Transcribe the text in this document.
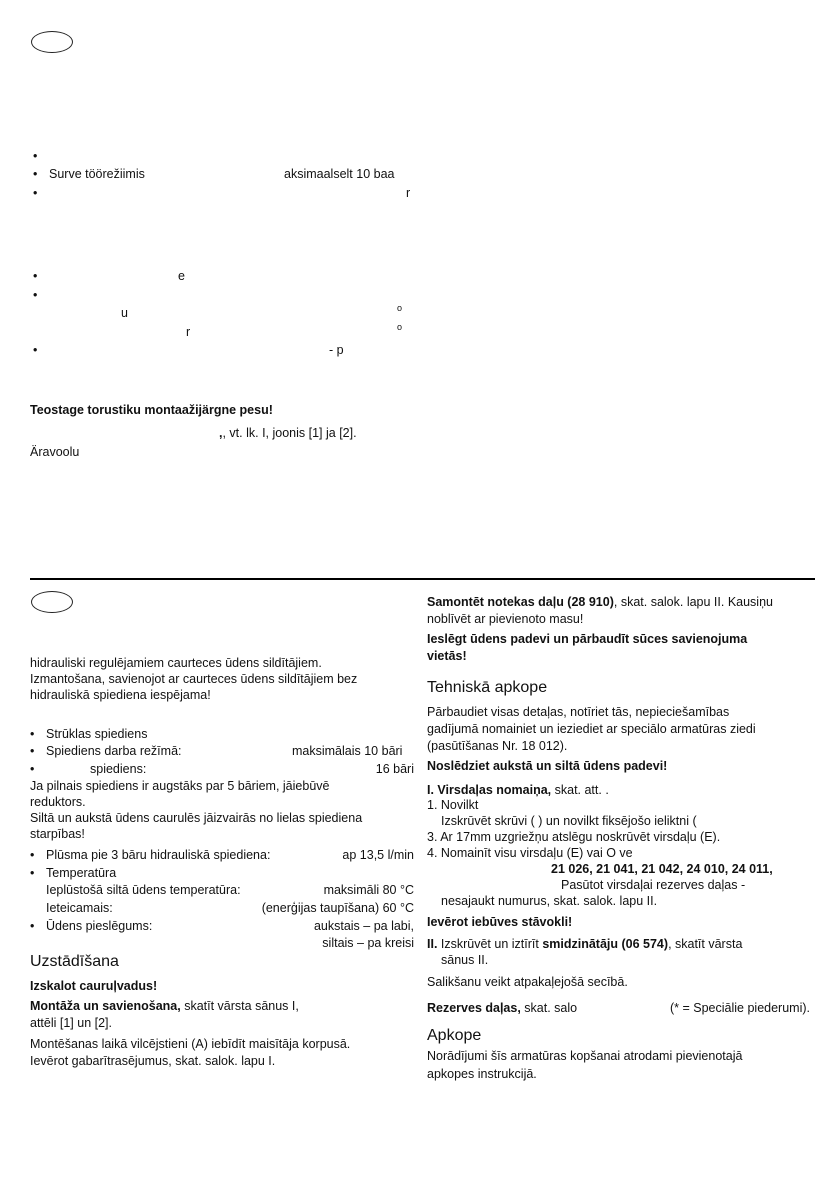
• Surve töörežiimis	aksimaalselt 10 baa
r
e
u	o
r	o
- p
Teostage torustiku montaažijärgne pesu!
,, vt. lk. I, joonis [1] ja [2].
Äravoolu
hidrauliski regulējamiem caurteces ūdens sildītājiem.
Izmantošana, savienojot ar caurteces ūdens sildītājiem bez
hidrauliskā spiediena iespējama!
• Strūklas spiediens
• Spiediens darba režīmā:	maksimālais 10 bāri
• spiediens:	16 bāri
Ja pilnais spiediens ir augstāks par 5 bāriem, jāiebūvē
reduktors.
Siltā un aukstā ūdens caurulēs jāizvairās no lielas spiediena
starpības!
• Plūsma pie 3 bāru hidrauliskā spiediena:	ap 13,5 l/min
• Temperatūra
Ieplūstošā siltā ūdens temperatūra:	maksimāli 80 °C
Ieteicamais:	(enerģijas taupīšana) 60 °C
• Ūdens pieslēgums:	aukstais – pa labi,
siltais – pa kreisi
Uzstādīšana
Izskalot cauruļvadus!
Montāža un savienošana, skatīt vārsta sānus I,
attēli [1] un [2].
Montēšanas laikā vilcējstieni (A) iebīdīt maisītāja korpusā.
Ievērot gabarītrasējumus, skat. salok. lapu I.
Samontēt notekas daļu (28 910), skat. salok. lapu II. Kausiņu
noblīvēt ar pievienoto masu!
Ieslēgt ūdens padevi un pārbaudīt sūces savienojuma
vietās!
Tehniskā apkope
Pārbaudiet visas detaļas, notīriet tās, nepieciešamības
gadījumā nomainiet un ieziediet ar speciālo armatūras ziedi
(pasūtīšanas Nr. 18 012).
Noslēdziet aukstā un siltā ūdens padevi!
I. Virsdaļas nomaiņa, skat. att. .
1. Novilkt
Izskrūvēt skrūvi ( ) un novilkt fiksējošo ieliktni (
3. Ar 17mm uzgriežņu atslēgu noskrūvēt virsdaļu (E).
4. Nomainīt visu virsdaļu (E) vai O ve
21 026, 21 041, 21 042, 24 010, 24 011,
Pasūtot virsdaļai rezerves daļas -
nesajaukt numurus, skat. salok. lapu II.
Ievērot iebūves stāvokli!
II. Izskrūvēt un iztīrīt smidzinātāju (06 574), skatīt vārsta
sānus II.
Salikšanu veikt atpakaļejošā secībā.
Rezerves daļas, skat. salo	(* = Speciālie piederumi).
Apkope
Norādījumi šīs armatūras kopšanai atrodami pievienotajā
apkopes instrukcijā.
